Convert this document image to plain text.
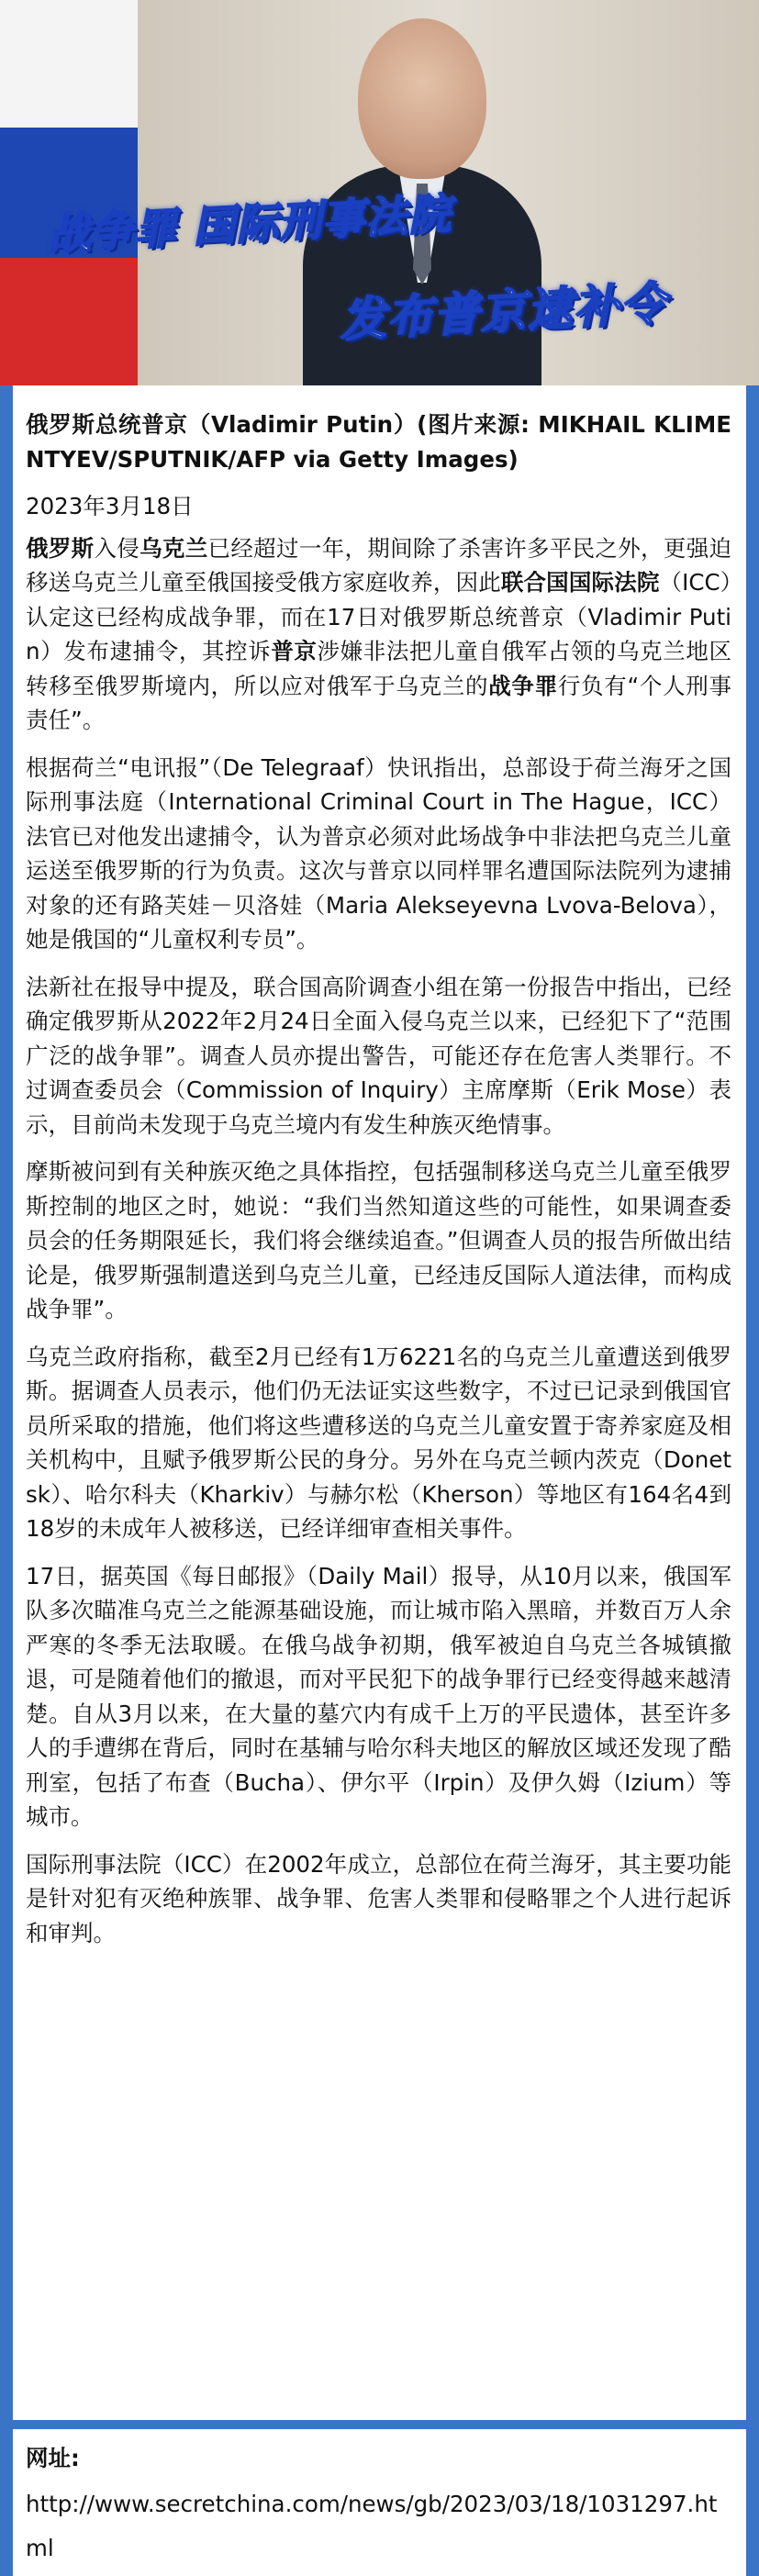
战争罪 国际刑事法院
发布普京逮补令

俄罗斯总统普京（Vladimir Putin）(图片来源: MIKHAIL KLIMENTYEV/SPUTNIK/AFP via Getty Images)

2023年3月18日

俄罗斯入侵乌克兰已经超过一年，期间除了杀害许多平民之外，更强迫移送乌克兰儿童至俄国接受俄方家庭收养，因此联合国国际法院（ICC）认定这已经构成战争罪，而在17日对俄罗斯总统普京（Vladimir Putin）发布逮捕令，其控诉普京涉嫌非法把儿童自俄军占领的乌克兰地区转移至俄罗斯境内，所以应对俄军于乌克兰的战争罪行负有“个人刑事责任”。

根据荷兰“电讯报”（De Telegraaf）快讯指出，总部设于荷兰海牙之国际刑事法庭（International Criminal Court in The Hague，ICC）法官已对他发出逮捕令，认为普京必须对此场战争中非法把乌克兰儿童运送至俄罗斯的行为负责。这次与普京以同样罪名遭国际法院列为逮捕对象的还有路芙娃－贝洛娃（Maria Alekseyevna Lvova-Belova），她是俄国的“儿童权利专员”。

法新社在报导中提及，联合国高阶调查小组在第一份报告中指出，已经确定俄罗斯从2022年2月24日全面入侵乌克兰以来，已经犯下了“范围广泛的战争罪”。调查人员亦提出警告，可能还存在危害人类罪行。不过调查委员会（Commission of Inquiry）主席摩斯（Erik Mose）表示，目前尚未发现于乌克兰境内有发生种族灭绝情事。

摩斯被问到有关种族灭绝之具体指控，包括强制移送乌克兰儿童至俄罗斯控制的地区之时，她说：“我们当然知道这些的可能性，如果调查委员会的任务期限延长，我们将会继续追查。”但调查人员的报告所做出结论是，俄罗斯强制遣送到乌克兰儿童，已经违反国际人道法律，而构成战争罪”。

乌克兰政府指称，截至2月已经有1万6221名的乌克兰儿童遭送到俄罗斯。据调查人员表示，他们仍无法证实这些数字，不过已记录到俄国官员所采取的措施，他们将这些遭移送的乌克兰儿童安置于寄养家庭及相关机构中，且赋予俄罗斯公民的身分。另外在乌克兰顿内茨克（Donetsk）、哈尔科夫（Kharkiv）与赫尔松（Kherson）等地区有164名4到18岁的未成年人被移送，已经详细审查相关事件。

17日，据英国《每日邮报》（Daily Mail）报导，从10月以来，俄国军队多次瞄准乌克兰之能源基础设施，而让城市陷入黑暗，并数百万人余严寒的冬季无法取暖。在俄乌战争初期，俄军被迫自乌克兰各城镇撤退，可是随着他们的撤退，而对平民犯下的战争罪行已经变得越来越清楚。自从3月以来，在大量的墓穴内有成千上万的平民遗体，甚至许多人的手遭绑在背后，同时在基辅与哈尔科夫地区的解放区域还发现了酷刑室，包括了布查（Bucha）、伊尔平（Irpin）及伊久姆（Izium）等城市。

国际刑事法院（ICC）在2002年成立，总部位在荷兰海牙，其主要功能是针对犯有灭绝种族罪、战争罪、危害人类罪和侵略罪之个人进行起诉和审判。

网址:
http://www.secretchina.com/news/gb/2023/03/18/1031297.html
